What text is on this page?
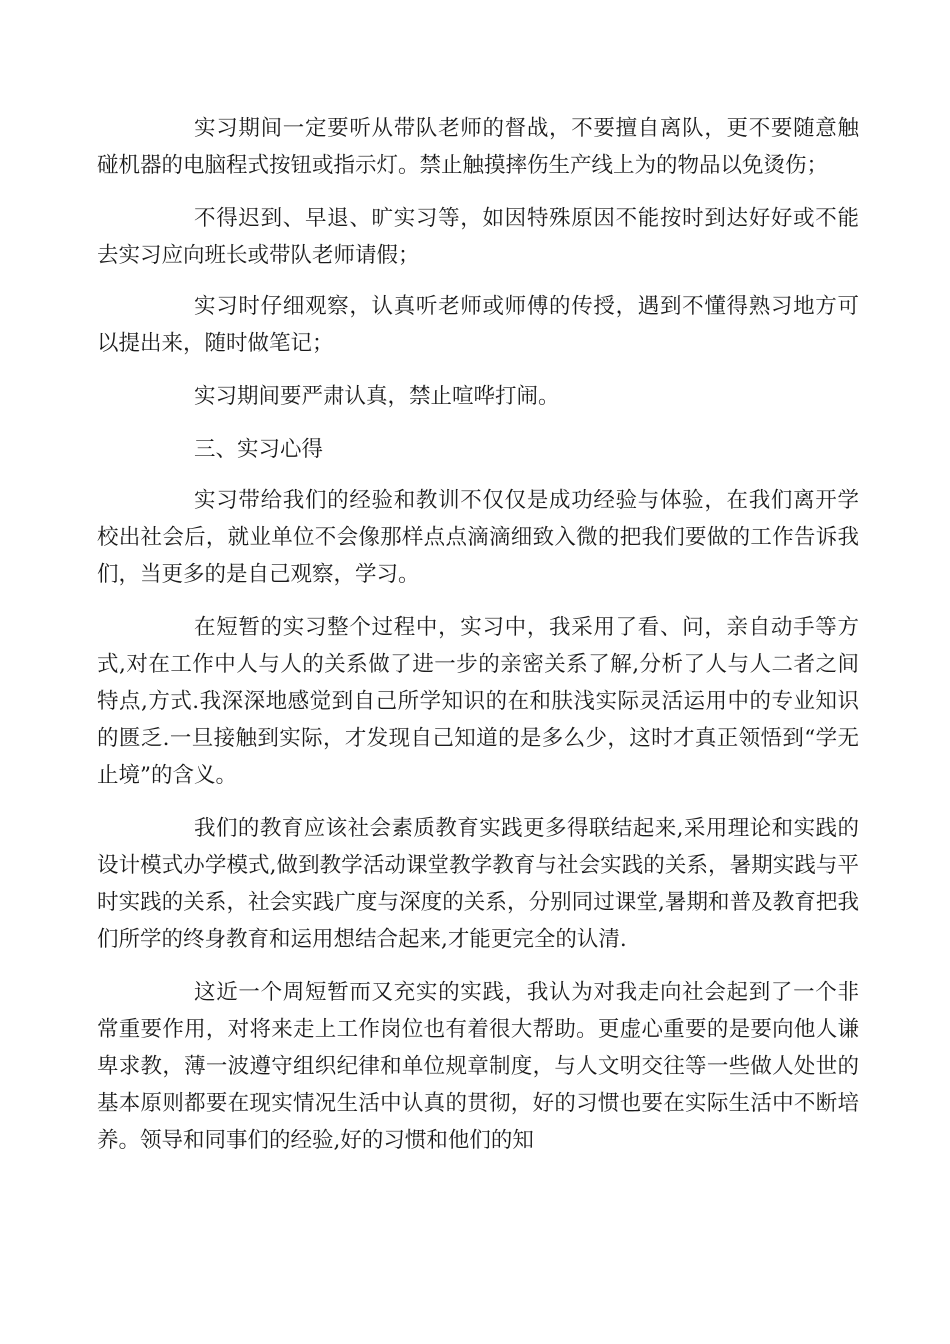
实习期间一定要听从带队老师的督战，不要擅自离队，更不要随意触碰机器的电脑程式按钮或指示灯。禁止触摸摔伤生产线上为的物品以免烫伤；

不得迟到、早退、旷实习等，如因特殊原因不能按时到达好好或不能去实习应向班长或带队老师请假；

实习时仔细观察，认真听老师或师傅的传授，遇到不懂得熟习地方可以提出来，随时做笔记；

实习期间要严肃认真，禁止喧哗打闹。

三、实习心得

实习带给我们的经验和教训不仅仅是成功经验与体验，在我们离开学校出社会后，就业单位不会像那样点点滴滴细致入微的把我们要做的工作告诉我们，当更多的是自己观察，学习。

在短暂的实习整个过程中，实习中，我采用了看、问，亲自动手等方式,对在工作中人与人的关系做了进一步的亲密关系了解,分析了人与人二者之间特点,方式.我深深地感觉到自己所学知识的在和肤浅实际灵活运用中的专业知识的匮乏.一旦接触到实际，才发现自己知道的是多么少，这时才真正领悟到“学无止境”的含义。

我们的教育应该社会素质教育实践更多得联结起来,采用理论和实践的设计模式办学模式,做到教学活动课堂教学教育与社会实践的关系，暑期实践与平时实践的关系，社会实践广度与深度的关系，分别同过课堂,暑期和普及教育把我们所学的终身教育和运用想结合起来,才能更完全的认清.

这近一个周短暂而又充实的实践，我认为对我走向社会起到了一个非常重要作用，对将来走上工作岗位也有着很大帮助。更虚心重要的是要向他人谦卑求教，薄一波遵守组织纪律和单位规章制度，与人文明交往等一些做人处世的基本原则都要在现实情况生活中认真的贯彻，好的习惯也要在实际生活中不断培养。领导和同事们的经验,好的习惯和他们的知
